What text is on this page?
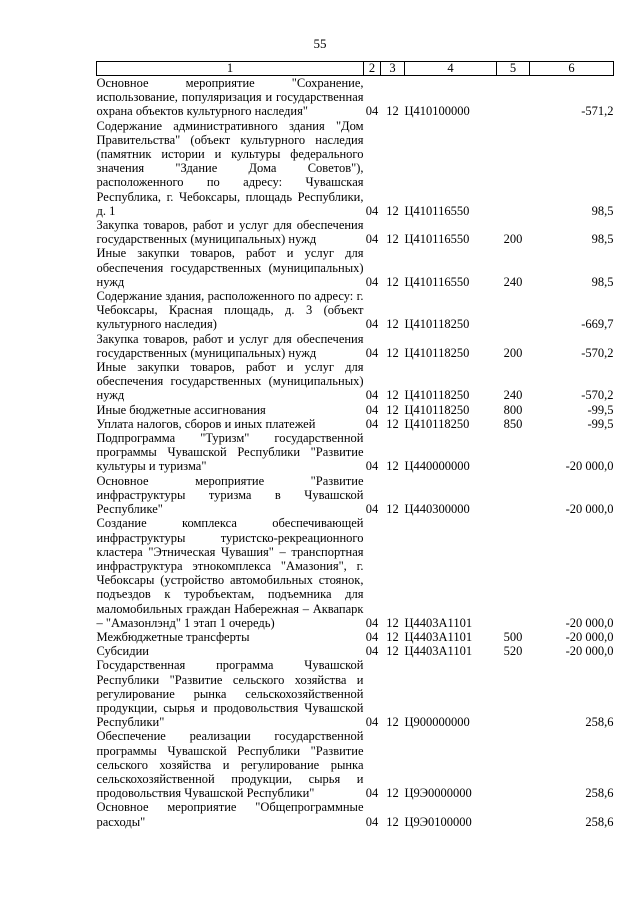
55
1	2	3	4	5	6
Основное мероприятие "Сохранение, использование, популяризация и государственная охрана объектов культурного наследия"	04	12	Ц410100000		-571,2
Содержание административного здания "Дом Правительства" (объект культурного наследия (памятник истории и культуры федерального значения "Здание Дома Советов"), расположенного по адресу: Чувашская Республика, г. Чебоксары, площадь Республики, д. 1	04	12	Ц410116550		98,5
Закупка товаров, работ и услуг для обеспечения государственных (муниципальных) нужд	04	12	Ц410116550	200	98,5
Иные закупки товаров, работ и услуг для обеспечения государственных (муниципальных) нужд	04	12	Ц410116550	240	98,5
Содержание здания, расположенного по адресу: г. Чебоксары, Красная площадь, д. 3 (объект культурного наследия)	04	12	Ц410118250		-669,7
Закупка товаров, работ и услуг для обеспечения государственных (муниципальных) нужд	04	12	Ц410118250	200	-570,2
Иные закупки товаров, работ и услуг для обеспечения государственных (муниципальных) нужд	04	12	Ц410118250	240	-570,2
Иные бюджетные ассигнования	04	12	Ц410118250	800	-99,5
Уплата налогов, сборов и иных платежей	04	12	Ц410118250	850	-99,5
Подпрограмма "Туризм" государственной программы Чувашской Республики "Развитие культуры и туризма"	04	12	Ц440000000		-20 000,0
Основное мероприятие "Развитие инфраструктуры туризма в Чувашской Республике"	04	12	Ц440300000		-20 000,0
Создание комплекса обеспечивающей инфраструктуры туристско-рекреационного кластера "Этническая Чувашия" – транспортная инфраструктура этнокомплекса "Амазония", г. Чебоксары (устройство автомобильных стоянок, подъездов к туробъектам, подъемника для маломобильных граждан Набережная – Аквапарк – "Амазонлэнд" 1 этап 1 очередь)	04	12	Ц4403А1101		-20 000,0
Межбюджетные трансферты	04	12	Ц4403А1101	500	-20 000,0
Субсидии	04	12	Ц4403А1101	520	-20 000,0
Государственная программа Чувашской Республики "Развитие сельского хозяйства и регулирование рынка сельскохозяйственной продукции, сырья и продовольствия Чувашской Республики"	04	12	Ц900000000		258,6
Обеспечение реализации государственной программы Чувашской Республики "Развитие сельского хозяйства и регулирование рынка сельскохозяйственной продукции, сырья и продовольствия Чувашской Республики"	04	12	Ц9Э0000000		258,6
Основное мероприятие "Общепрограммные расходы"	04	12	Ц9Э0100000		258,6
